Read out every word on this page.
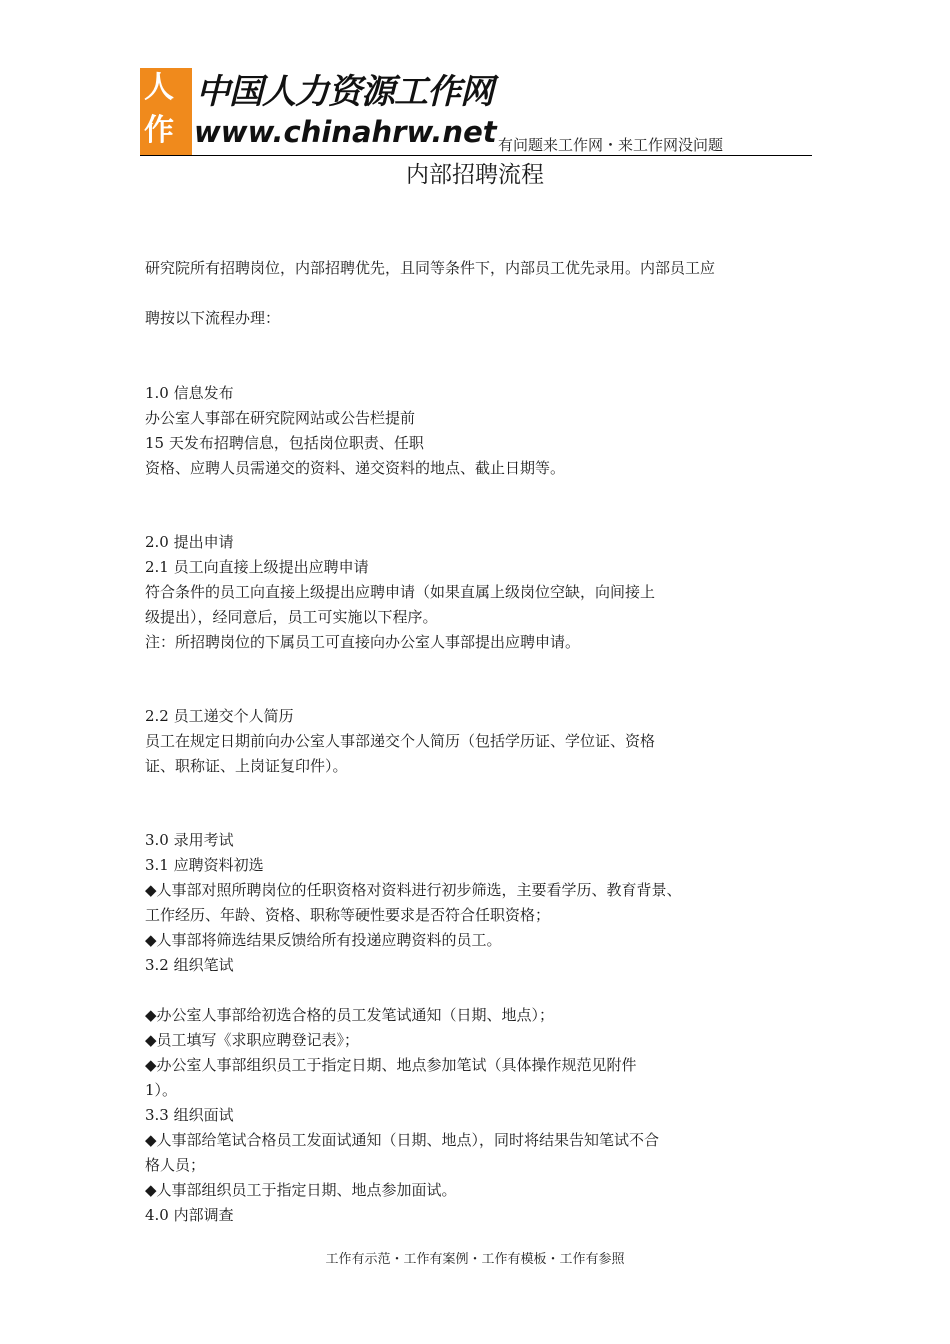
人
作
中国人力资源工作网
www.chinahrw.net 有问题来工作网・来工作网没问题
内部招聘流程
研究院所有招聘岗位，内部招聘优先，且同等条件下，内部员工优先录用。内部员工应
聘按以下流程办理：
1.0 信息发布
办公室人事部在研究院网站或公告栏提前
15 天发布招聘信息，包括岗位职责、任职
资格、应聘人员需递交的资料、递交资料的地点、截止日期等。
2.0 提出申请
2.1 员工向直接上级提出应聘申请
符合条件的员工向直接上级提出应聘申请（如果直属上级岗位空缺，向间接上
级提出），经同意后，员工可实施以下程序。
注：所招聘岗位的下属员工可直接向办公室人事部提出应聘申请。
2.2 员工递交个人简历
员工在规定日期前向办公室人事部递交个人简历（包括学历证、学位证、资格
证、职称证、上岗证复印件）。
3.0 录用考试
3.1 应聘资料初选
◆人事部对照所聘岗位的任职资格对资料进行初步筛选，主要看学历、教育背景、
工作经历、年龄、资格、职称等硬性要求是否符合任职资格；
◆人事部将筛选结果反馈给所有投递应聘资料的员工。
3.2 组织笔试
◆办公室人事部给初选合格的员工发笔试通知（日期、地点）；
◆员工填写《求职应聘登记表》；
◆办公室人事部组织员工于指定日期、地点参加笔试（具体操作规范见附件
1）。
3.3 组织面试
◆人事部给笔试合格员工发面试通知（日期、地点），同时将结果告知笔试不合
格人员；
◆人事部组织员工于指定日期、地点参加面试。
4.0 内部调查
工作有示范・工作有案例・工作有模板・工作有参照
